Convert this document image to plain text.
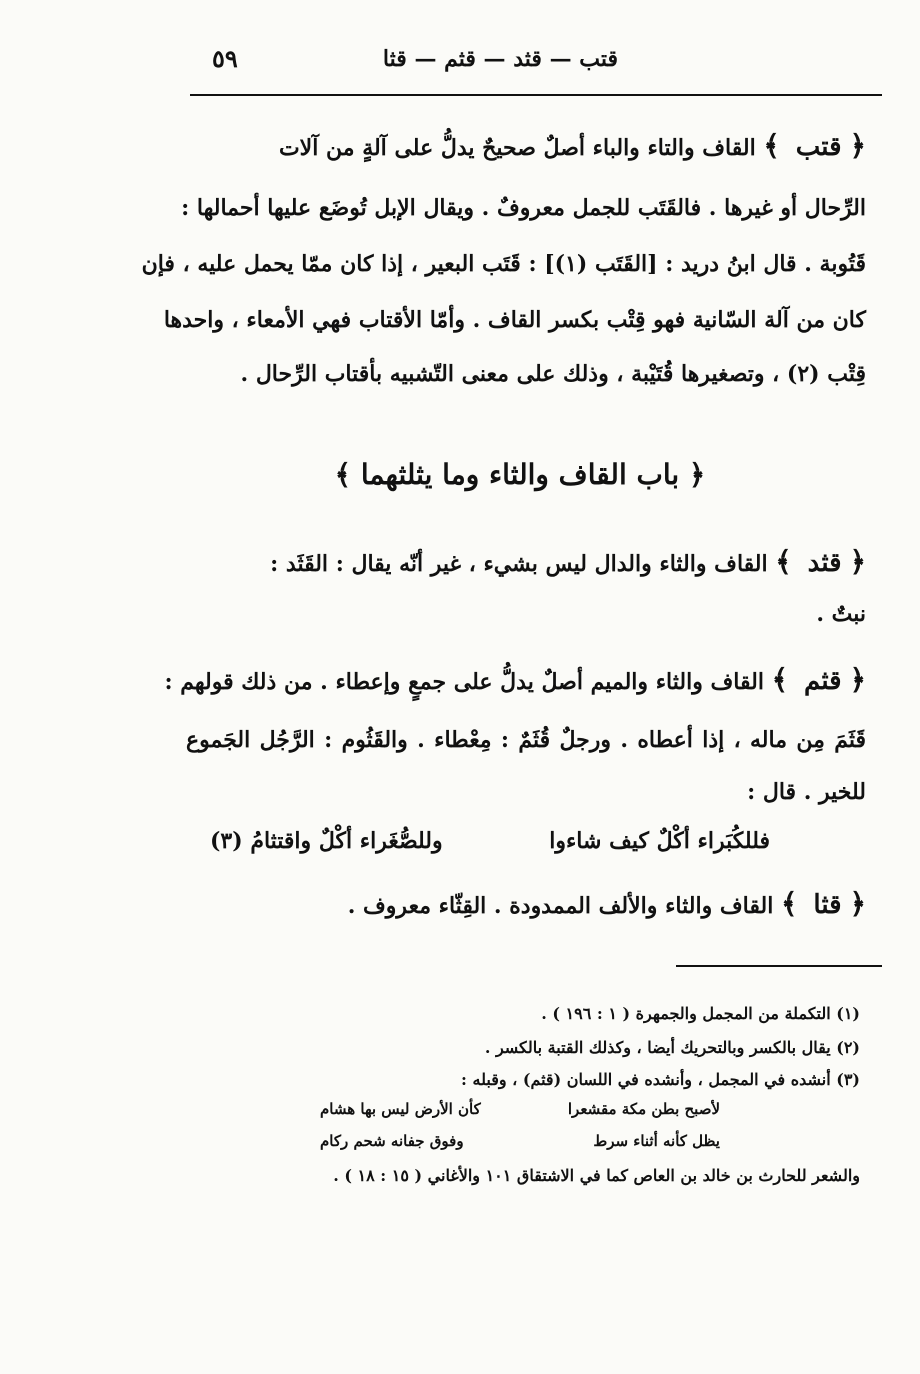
قتب — قثد — قثم — قثا
٥٩
﴿قتب﴾ القاف والتاء والباء أصلٌ صحيحٌ يدلُّ على آلةٍ من آلات
الرِّحال أو غيرها . فالقَتَب للجمل معروفٌ . ويقال الإبل تُوضَع عليها أحمالها :
قَتُوبة . قال ابنُ دريد : [القَتَب (١)] : قَتَب البعير ، إذا كان ممّا يحمل عليه ، فإن
كان من آلة السّانية فهو قِتْب بكسر القاف . وأمّا الأقتاب فهي الأمعاء ، واحدها
قِتْب (٢) ، وتصغيرها قُتَيْبة ، وذلك على معنى التّشبيه بأقتاب الرِّحال .
﴿ باب القاف والثاء وما يثلثهما ﴾
﴿قثد﴾ القاف والثاء والدال ليس بشيء ، غير أنّه يقال : القَثَد :
نبتٌ .
﴿قثم﴾ القاف والثاء والميم أصلٌ يدلُّ على جمعٍ وإعطاء . من ذلك قولهم :
قَثَمَ مِن ماله ، إذا أعطاه . ورجلٌ قُثَمٌ : مِعْطاء . والقَثُوم : الرَّجُل الجَموع
للخير . قال :
فللكُبَراء أكْلٌ كيف شاءوا
وللصُّغَراء أكْلٌ واقتثامُ (٣)
﴿قثا﴾ القاف والثاء والألف الممدودة . القِثّاء معروف .
(١) التكملة من المجمل والجمهرة ( ١ : ١٩٦ ) .
(٢) يقال بالكسر وبالتحريك أيضا ، وكذلك القتبة بالكسر .
(٣) أنشده في المجمل ، وأنشده في اللسان (قثم) ، وقبله :
كأن الأرض ليس بها هشام	لأصبح بطن مكة مقشعرا
وفوق جفانه شحم ركام	يظل كأنه أثناء سرط
والشعر للحارث بن خالد بن العاص كما في الاشتقاق ١٠١ والأغاني ( ١٥ : ١٨ ) .
